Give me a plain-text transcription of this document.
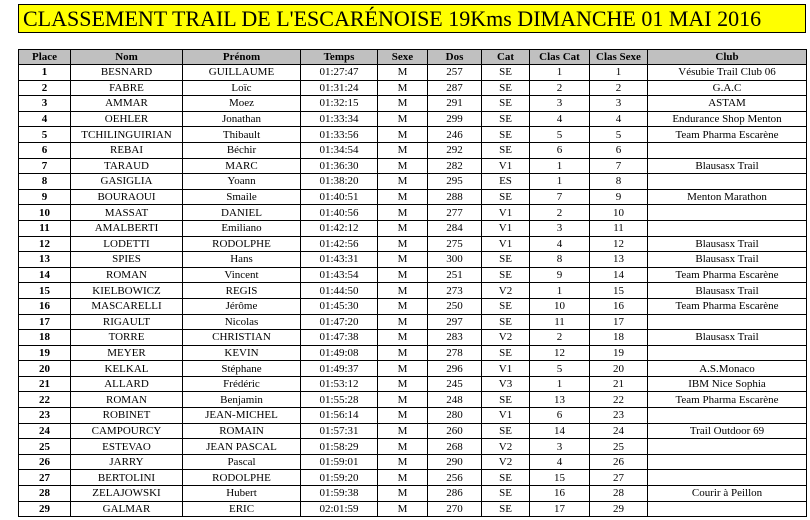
CLASSEMENT TRAIL DE L'ESCARÉNOISE 19Kms DIMANCHE 01 MAI 2016
Place	Nom	Prénom	Temps	Sexe	Dos	Cat	Clas Cat	Clas Sexe	Club
1	BESNARD	GUILLAUME	01:27:47	M	257	SE	1	1	Vésubie Trail Club 06
2	FABRE	Loïc	01:31:24	M	287	SE	2	2	G.A.C
3	AMMAR	Moez	01:32:15	M	291	SE	3	3	ASTAM
4	OEHLER	Jonathan	01:33:34	M	299	SE	4	4	Endurance Shop Menton
5	TCHILINGUIRIAN	Thibault	01:33:56	M	246	SE	5	5	Team Pharma Escarène
6	REBAI	Béchir	01:34:54	M	292	SE	6	6	
7	TARAUD	MARC	01:36:30	M	282	V1	1	7	Blausasx Trail
8	GASIGLIA	Yoann	01:38:20	M	295	ES	1	8	
9	BOURAOUI	Smaile	01:40:51	M	288	SE	7	9	Menton Marathon
10	MASSAT	DANIEL	01:40:56	M	277	V1	2	10	
11	AMALBERTI	Emiliano	01:42:12	M	284	V1	3	11	
12	LODETTI	RODOLPHE	01:42:56	M	275	V1	4	12	Blausasx Trail
13	SPIES	Hans	01:43:31	M	300	SE	8	13	Blausasx Trail
14	ROMAN	Vincent	01:43:54	M	251	SE	9	14	Team Pharma Escarène
15	KIELBOWICZ	REGIS	01:44:50	M	273	V2	1	15	Blausasx Trail
16	MASCARELLI	Jérôme	01:45:30	M	250	SE	10	16	Team Pharma Escarène
17	RIGAULT	Nicolas	01:47:20	M	297	SE	11	17	
18	TORRE	CHRISTIAN	01:47:38	M	283	V2	2	18	Blausasx Trail
19	MEYER	KEVIN	01:49:08	M	278	SE	12	19	
20	KELKAL	Stéphane	01:49:37	M	296	V1	5	20	A.S.Monaco
21	ALLARD	Frédéric	01:53:12	M	245	V3	1	21	IBM Nice Sophia
22	ROMAN	Benjamin	01:55:28	M	248	SE	13	22	Team Pharma Escarène
23	ROBINET	JEAN-MICHEL	01:56:14	M	280	V1	6	23	
24	CAMPOURCY	ROMAIN	01:57:31	M	260	SE	14	24	Trail Outdoor 69
25	ESTEVAO	JEAN PASCAL	01:58:29	M	268	V2	3	25	
26	JARRY	Pascal	01:59:01	M	290	V2	4	26	
27	BERTOLINI	RODOLPHE	01:59:20	M	256	SE	15	27	
28	ZELAJOWSKI	Hubert	01:59:38	M	286	SE	16	28	Courir à Peillon
29	GALMAR	ERIC	02:01:59	M	270	SE	17	29	
